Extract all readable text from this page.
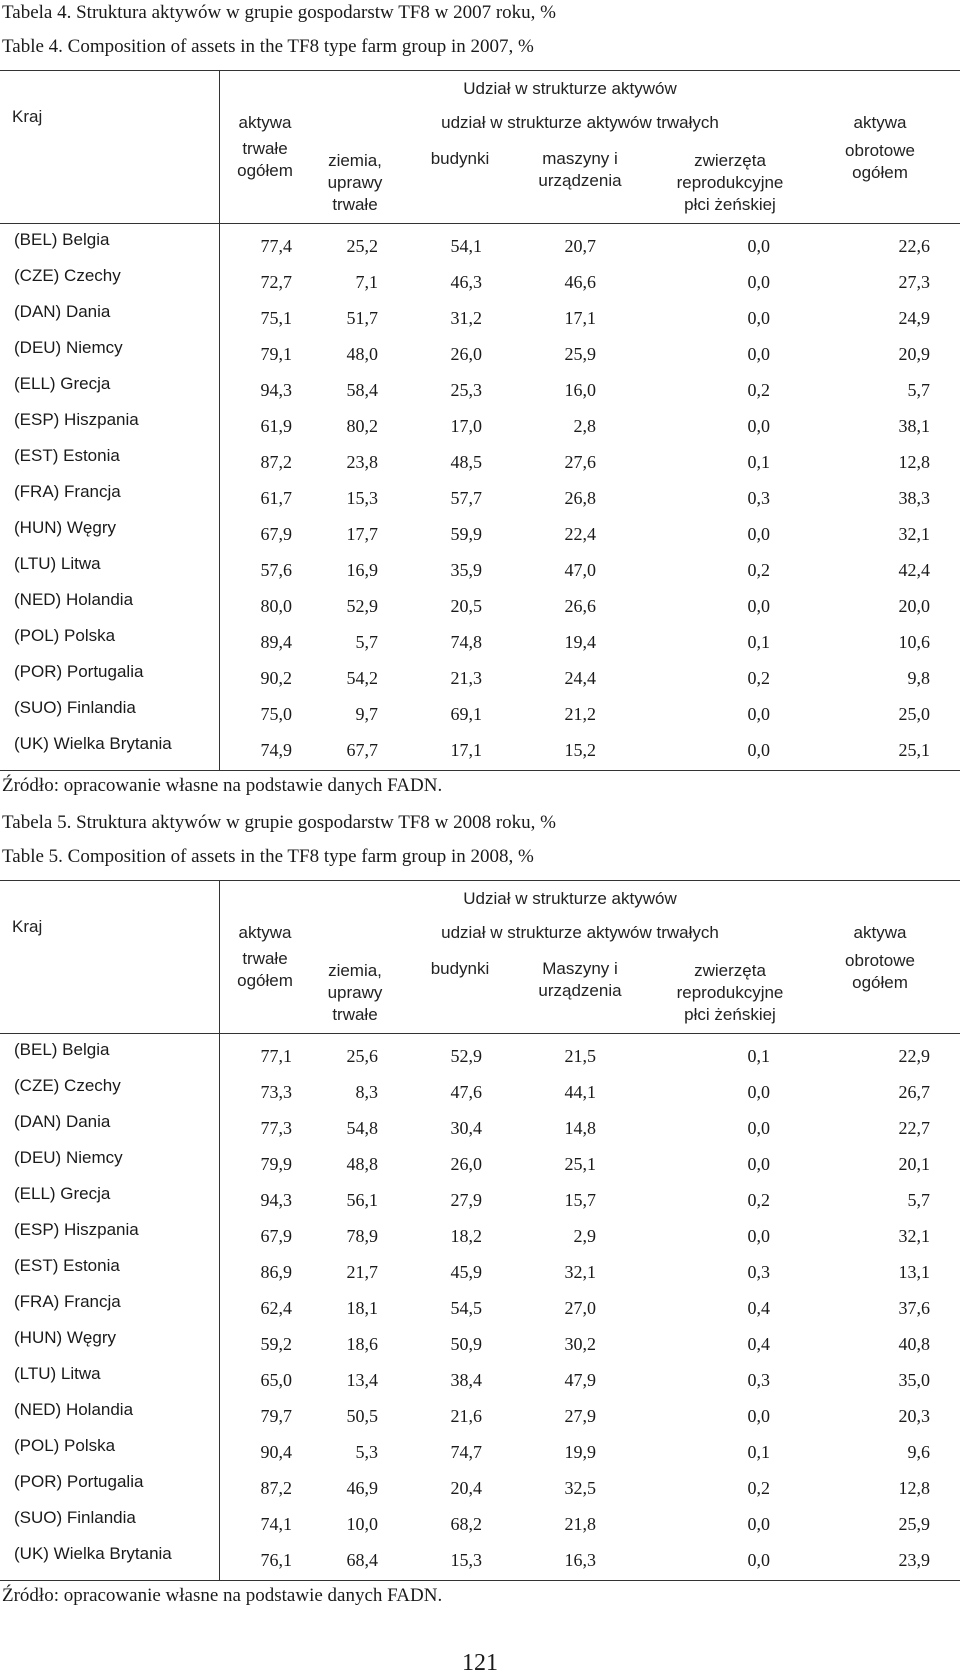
Tabela 4. Struktura aktywów w grupie gospodarstw TF8 w 2007 roku, %
Table 4. Composition of assets in the TF8 type farm group in 2007, %
Kraj
Udział w strukturze aktywów
aktywa
trwałe
ogółem
udział w strukturze aktywów trwałych
ziemia,
uprawy
trwałe
budynki	maszyny i
urządzenia
zwierzęta
reprodukcyjne
płci żeńskiej
aktywa
obrotowe
ogółem
(BEL) Belgia	77,4	25,2	54,1	20,7	0,0	22,6
(CZE) Czechy	72,7	7,1	46,3	46,6	0,0	27,3
(DAN) Dania	75,1	51,7	31,2	17,1	0,0	24,9
(DEU) Niemcy	79,1	48,0	26,0	25,9	0,0	20,9
(ELL) Grecja	94,3	58,4	25,3	16,0	0,2	5,7
(ESP) Hiszpania	61,9	80,2	17,0	2,8	0,0	38,1
(EST) Estonia	87,2	23,8	48,5	27,6	0,1	12,8
(FRA) Francja	61,7	15,3	57,7	26,8	0,3	38,3
(HUN) Węgry	67,9	17,7	59,9	22,4	0,0	32,1
(LTU) Litwa	57,6	16,9	35,9	47,0	0,2	42,4
(NED) Holandia	80,0	52,9	20,5	26,6	0,0	20,0
(POL) Polska	89,4	5,7	74,8	19,4	0,1	10,6
(POR) Portugalia	90,2	54,2	21,3	24,4	0,2	9,8
(SUO) Finlandia	75,0	9,7	69,1	21,2	0,0	25,0
(UK) Wielka Brytania	74,9	67,7	17,1	15,2	0,0	25,1
Źródło: opracowanie własne na podstawie danych FADN.
Tabela 5. Struktura aktywów w grupie gospodarstw TF8 w 2008 roku, %
Table 5. Composition of assets in the TF8 type farm group in 2008, %
Kraj
Udział w strukturze aktywów
aktywa
trwałe
ogółem
udział w strukturze aktywów trwałych
ziemia,
uprawy
trwałe
budynki	Maszyny i
urządzenia
zwierzęta
reprodukcyjne
płci żeńskiej
aktywa
obrotowe
ogółem
(BEL) Belgia	77,1	25,6	52,9	21,5	0,1	22,9
(CZE) Czechy	73,3	8,3	47,6	44,1	0,0	26,7
(DAN) Dania	77,3	54,8	30,4	14,8	0,0	22,7
(DEU) Niemcy	79,9	48,8	26,0	25,1	0,0	20,1
(ELL) Grecja	94,3	56,1	27,9	15,7	0,2	5,7
(ESP) Hiszpania	67,9	78,9	18,2	2,9	0,0	32,1
(EST) Estonia	86,9	21,7	45,9	32,1	0,3	13,1
(FRA) Francja	62,4	18,1	54,5	27,0	0,4	37,6
(HUN) Węgry	59,2	18,6	50,9	30,2	0,4	40,8
(LTU) Litwa	65,0	13,4	38,4	47,9	0,3	35,0
(NED) Holandia	79,7	50,5	21,6	27,9	0,0	20,3
(POL) Polska	90,4	5,3	74,7	19,9	0,1	9,6
(POR) Portugalia	87,2	46,9	20,4	32,5	0,2	12,8
(SUO) Finlandia	74,1	10,0	68,2	21,8	0,0	25,9
(UK) Wielka Brytania	76,1	68,4	15,3	16,3	0,0	23,9
Źródło: opracowanie własne na podstawie danych FADN.
121
